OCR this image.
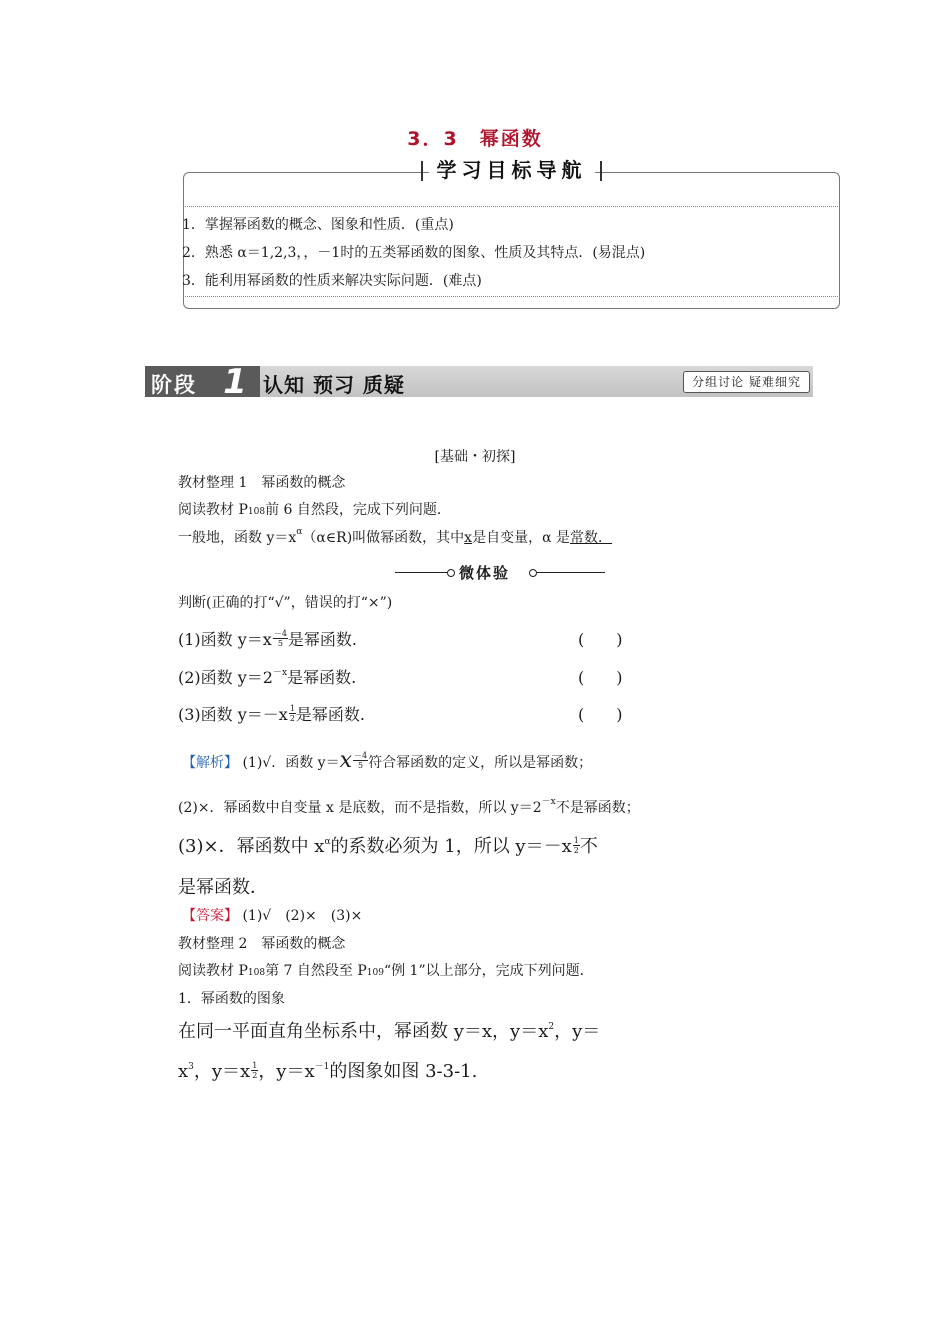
3．3　幂函数
学习目标导航
1．掌握幂函数的概念、图象和性质．(重点)
2．熟悉 α＝1,2,3，，－1时的五类幂函数的图象、性质及其特点．(易混点)
3．能利用幂函数的性质来解决实际问题．(难点)
阶段 1 认知 预习 质疑	分组讨论 疑难细究
[基础・初探]
教材整理 1　幂函数的概念
阅读教材 P108前 6 自然段，完成下列问题．
一般地，函数 $y=x^\alpha(\alpha\in R)$叫做幂函数，其中x是自变量，α 是常数．
微体验
判断(正确的打“√”，错误的打“×”)
(1)函数 $y=x \frac{-4}{5}$ 是幂函数.	(　　)
(2)函数 $y=2^{-x}$是幂函数.	(　　)
(3)函数 $y=-x \frac{1}{2}$ 是幂函数.	(　　)
【解析】 (1)√．函数 $y=x \frac{-4}{5}$ 符合幂函数的定义，所以是幂函数；
(2)×．幂函数中自变量 x 是底数，而不是指数，所以 $y=2^{-x}$不是幂函数；
(3)×．幂函数中 $x^\alpha$的系数必须为 1，所以 $y=-x \frac{1}{2}$ 不
是幂函数．
【答案】 (1)√　(2)×　(3)×
教材整理 2　幂函数的概念
阅读教材 P108第 7 自然段至 P109“例 1”以上部分，完成下列问题．
1．幂函数的图象
在同一平面直角坐标系中，幂函数 y＝x，$y=x^2$，y＝
$x^3$，$y=x \frac{1}{2}$ ，$y=x^{-1}$的图象如图 3-3-1.
